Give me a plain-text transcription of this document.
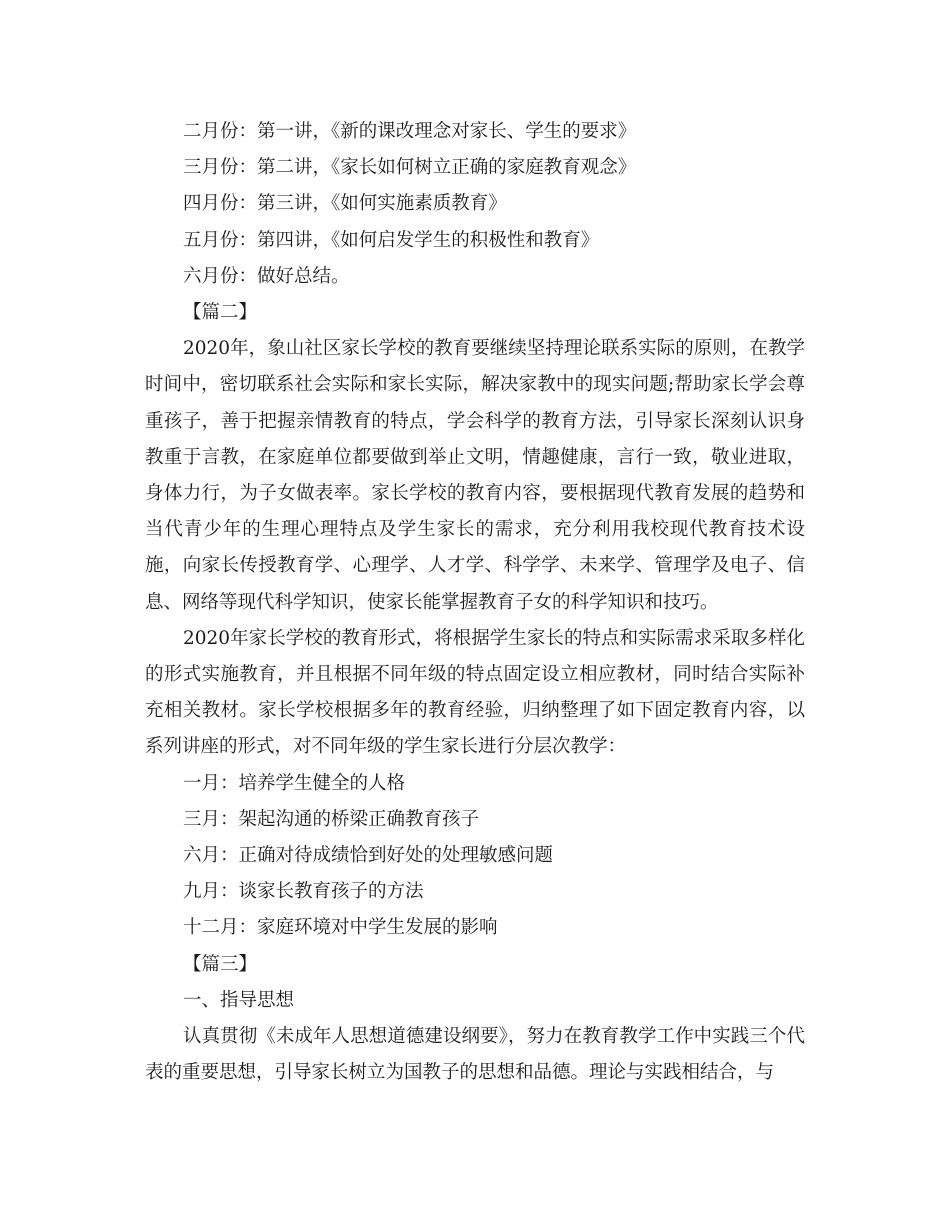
二月份：第一讲，《新的课改理念对家长、学生的要求》
三月份：第二讲，《家长如何树立正确的家庭教育观念》
四月份：第三讲，《如何实施素质教育》
五月份：第四讲，《如何启发学生的积极性和教育》
六月份：做好总结。
【篇二】

2020年，象山社区家长学校的教育要继续坚持理论联系实际的原则，在教学时间中，密切联系社会实际和家长实际，解决家教中的现实问题;帮助家长学会尊重孩子，善于把握亲情教育的特点，学会科学的教育方法，引导家长深刻认识身教重于言教，在家庭单位都要做到举止文明，情趣健康，言行一致，敬业进取，身体力行，为子女做表率。家长学校的教育内容，要根据现代教育发展的趋势和当代青少年的生理心理特点及学生家长的需求，充分利用我校现代教育技术设施，向家长传授教育学、心理学、人才学、科学学、未来学、管理学及电子、信息、网络等现代科学知识，使家长能掌握教育子女的科学知识和技巧。

2020年家长学校的教育形式，将根据学生家长的特点和实际需求采取多样化的形式实施教育，并且根据不同年级的特点固定设立相应教材，同时结合实际补充相关教材。家长学校根据多年的教育经验，归纳整理了如下固定教育内容，以系列讲座的形式，对不同年级的学生家长进行分层次教学：

一月：培养学生健全的人格
三月：架起沟通的桥梁正确教育孩子
六月：正确对待成绩恰到好处的处理敏感问题
九月：谈家长教育孩子的方法
十二月：家庭环境对中学生发展的影响
【篇三】
一、指导思想

认真贯彻《未成年人思想道德建设纲要》，努力在教育教学工作中实践三个代表的重要思想，引导家长树立为国教子的思想和品德。理论与实践相结合，与
